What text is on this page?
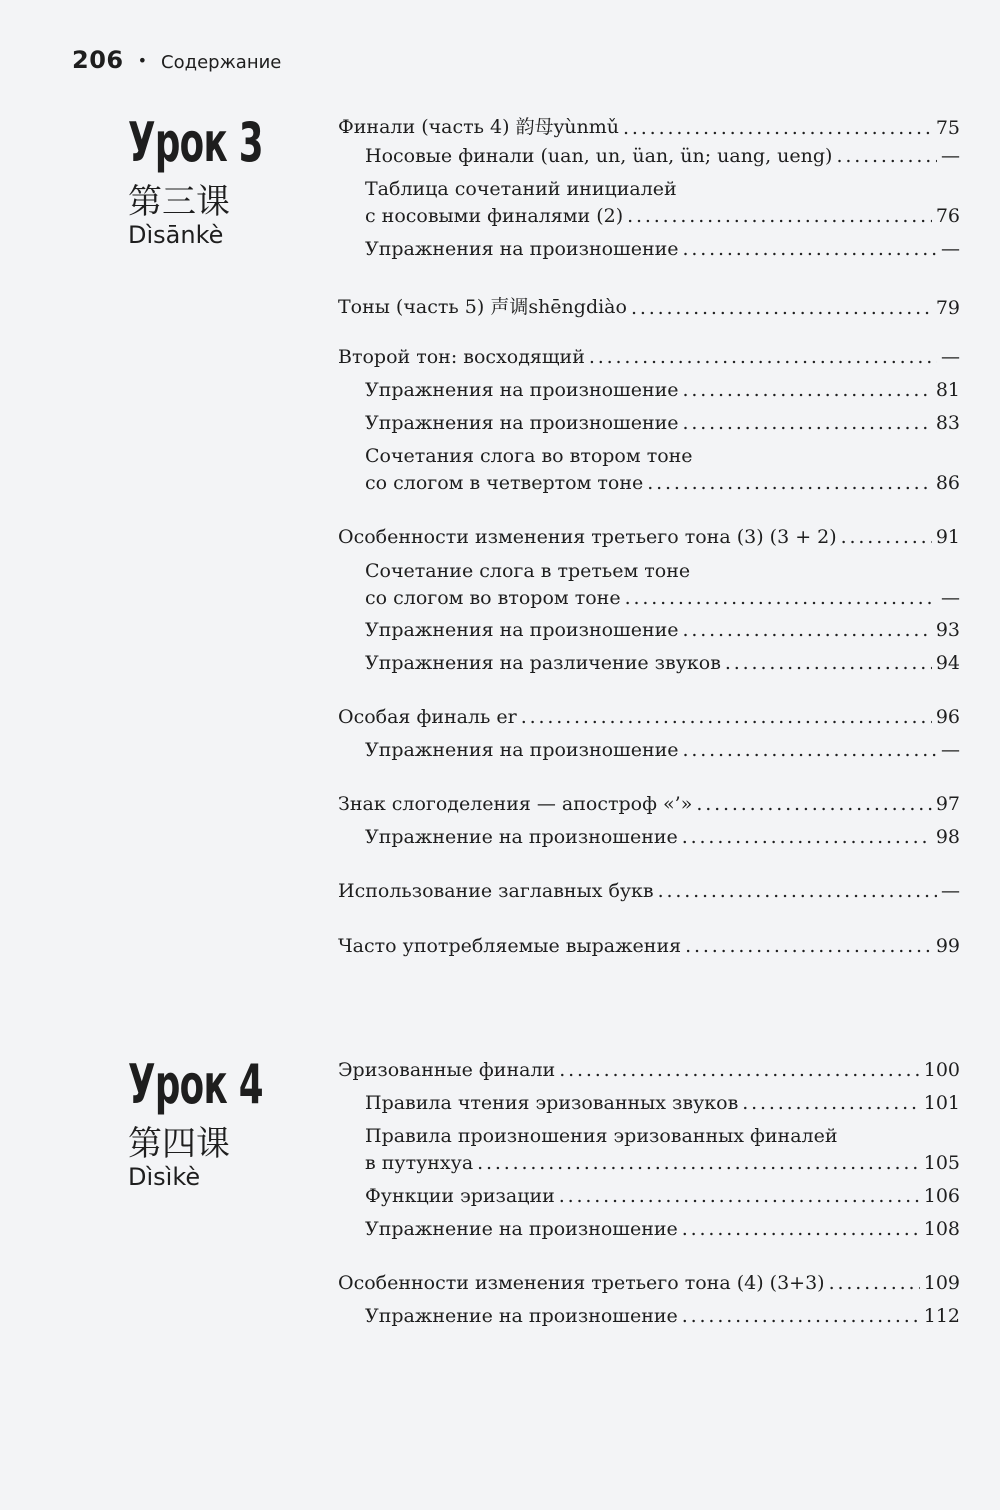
206 • Содержание
Урок 3
第三课
Dìsānkè
Урок 4
第四课
Dìsìkè
Финали (часть 4) 韵母yùnmǔ . . .	75
Носовые финали (uan, un, üan, ün; uang, ueng) . . .	—
Таблица сочетаний инициалей
с носовыми финалями (2) . . .	76
Упражнения на произношение . . .	—
Тоны (часть 5) 声调shēngdiào . . .	79
Второй тон: восходящий . . .	—
Упражнения на произношение . . .	81
Упражнения на произношение . . .	83
Сочетания слога во втором тоне
со слогом в четвертом тоне . . .	86
Особенности изменения третьего тона (3) (3 + 2) . . .	91
Сочетание слога в третьем тоне
со слогом во втором тоне . . .	—
Упражнения на произношение . . .	93
Упражнения на различение звуков . . .	94
Особая финаль er . . .	96
Упражнения на произношение . . .	—
Знак слогоделения — апостроф «’» . . .	97
Упражнение на произношение . . .	98
Использование заглавных букв . . .	—
Часто употребляемые выражения . . .	99
Эризованные финали . . .	100
Правила чтения эризованных звуков . . .	101
Правила произношения эризованных финалей
в путунхуа . . .	105
Функции эризации . . .	106
Упражнение на произношение . . .	108
Особенности изменения третьего тона (4) (3+3) . . .	109
Упражнение на произношение . . .	112
